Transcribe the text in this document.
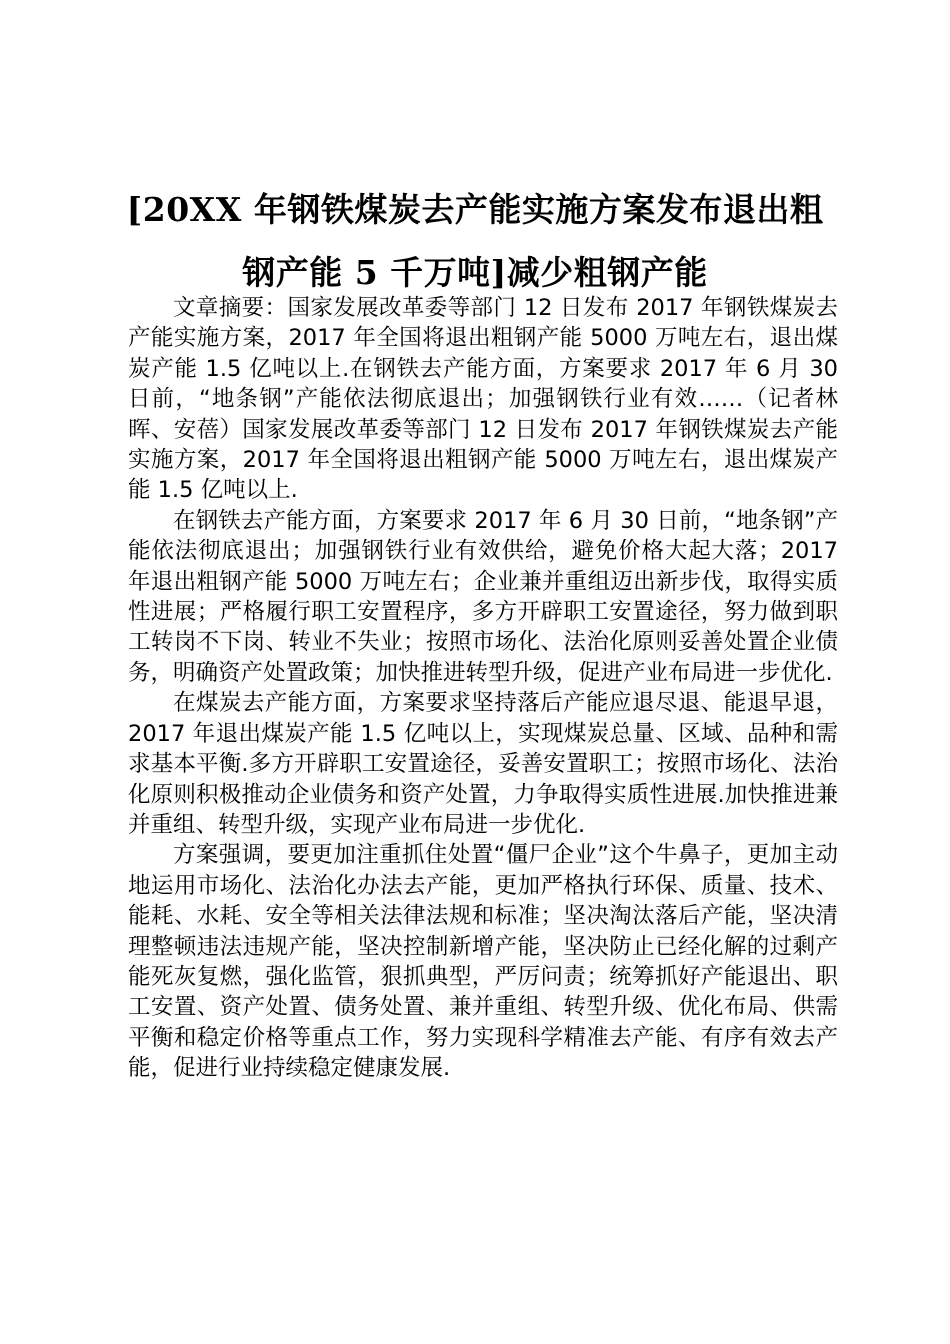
[20XX 年钢铁煤炭去产能实施方案发布退出粗
钢产能 5 千万吨]减少粗钢产能

文章摘要：国家发展改革委等部门 12 日发布 2017 年钢铁煤炭去产能实施方案，2017 年全国将退出粗钢产能 5000 万吨左右，退出煤炭产能 1.5 亿吨以上.在钢铁去产能方面，方案要求 2017 年 6 月 30 日前，“地条钢”产能依法彻底退出；加强钢铁行业有效……（记者林晖、安蓓）国家发展改革委等部门 12 日发布 2017 年钢铁煤炭去产能实施方案，2017 年全国将退出粗钢产能 5000 万吨左右，退出煤炭产能 1.5 亿吨以上.

在钢铁去产能方面，方案要求 2017 年 6 月 30 日前，“地条钢”产能依法彻底退出；加强钢铁行业有效供给，避免价格大起大落；2017 年退出粗钢产能 5000 万吨左右；企业兼并重组迈出新步伐，取得实质性进展；严格履行职工安置程序，多方开辟职工安置途径，努力做到职工转岗不下岗、转业不失业；按照市场化、法治化原则妥善处置企业债务，明确资产处置政策；加快推进转型升级，促进产业布局进一步优化.

在煤炭去产能方面，方案要求坚持落后产能应退尽退、能退早退，2017 年退出煤炭产能 1.5 亿吨以上，实现煤炭总量、区域、品种和需求基本平衡.多方开辟职工安置途径，妥善安置职工；按照市场化、法治化原则积极推动企业债务和资产处置，力争取得实质性进展.加快推进兼并重组、转型升级，实现产业布局进一步优化.

方案强调，要更加注重抓住处置“僵尸企业”这个牛鼻子，更加主动地运用市场化、法治化办法去产能，更加严格执行环保、质量、技术、能耗、水耗、安全等相关法律法规和标准；坚决淘汰落后产能，坚决清理整顿违法违规产能，坚决控制新增产能，坚决防止已经化解的过剩产能死灰复燃，强化监管，狠抓典型，严厉问责；统筹抓好产能退出、职工安置、资产处置、债务处置、兼并重组、转型升级、优化布局、供需平衡和稳定价格等重点工作，努力实现科学精准去产能、有序有效去产能，促进行业持续稳定健康发展.
